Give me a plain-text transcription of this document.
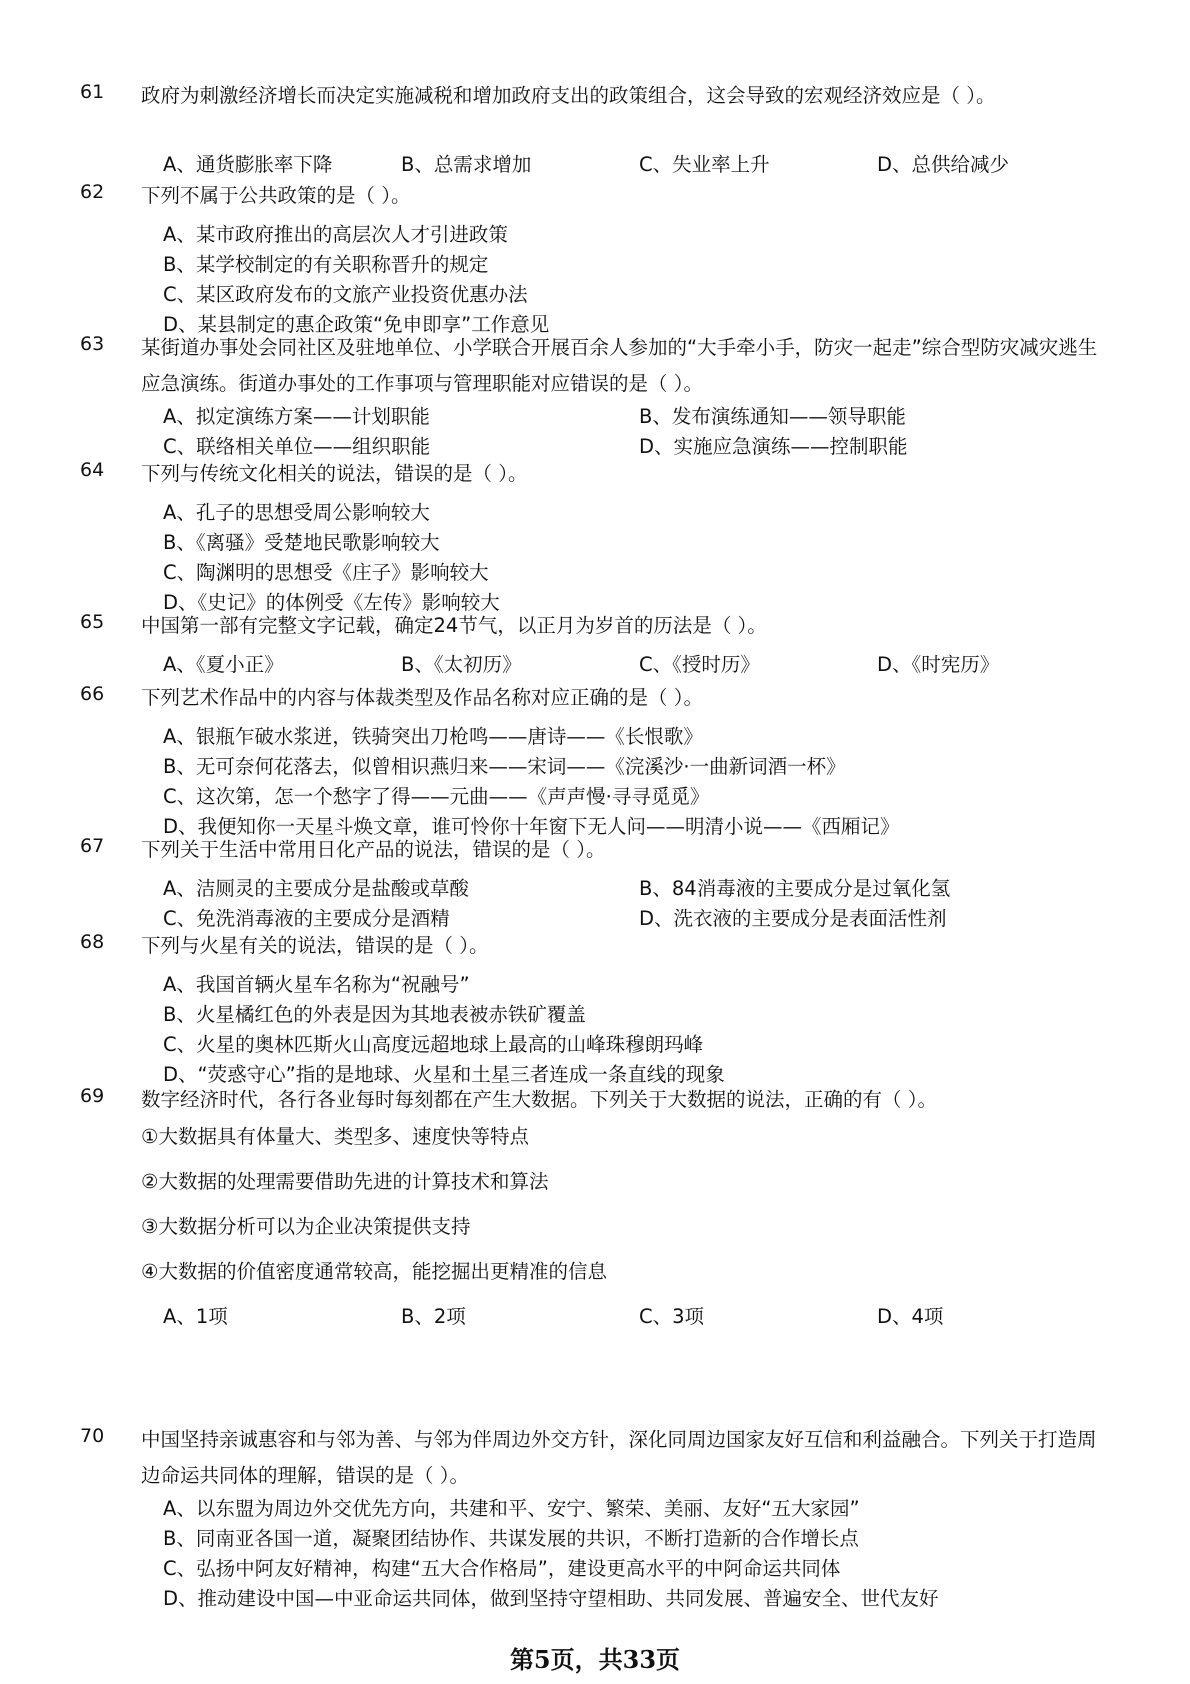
61 政府为刺激经济增长而决定实施减税和增加政府支出的政策组合，这会导致的宏观经济效应是（ ）。
A、通货膨胀率下降	B、总需求增加	C、失业率上升	D、总供给减少
62 下列不属于公共政策的是（ ）。
A、某市政府推出的高层次人才引进政策
B、某学校制定的有关职称晋升的规定
C、某区政府发布的文旅产业投资优惠办法
D、某县制定的惠企政策“免申即享”工作意见
63 某街道办事处会同社区及驻地单位、小学联合开展百余人参加的“大手牵小手，防灾一起走”综合型防灾减灾逃生应急演练。街道办事处的工作事项与管理职能对应错误的是（ ）。
A、拟定演练方案——计划职能	B、发布演练通知——领导职能
C、联络相关单位——组织职能	D、实施应急演练——控制职能
64 下列与传统文化相关的说法，错误的是（ ）。
A、孔子的思想受周公影响较大
B、《离骚》受楚地民歌影响较大
C、陶渊明的思想受《庄子》影响较大
D、《史记》的体例受《左传》影响较大
65 中国第一部有完整文字记载，确定24节气，以正月为岁首的历法是（ ）。
A、《夏小正》	B、《太初历》	C、《授时历》	D、《时宪历》
66 下列艺术作品中的内容与体裁类型及作品名称对应正确的是（ ）。
A、银瓶乍破水浆迸，铁骑突出刀枪鸣——唐诗——《长恨歌》
B、无可奈何花落去，似曾相识燕归来——宋词——《浣溪沙·一曲新词酒一杯》
C、这次第，怎一个愁字了得——元曲——《声声慢·寻寻觅觅》
D、我便知你一天星斗焕文章，谁可怜你十年窗下无人问——明清小说——《西厢记》
67 下列关于生活中常用日化产品的说法，错误的是（ ）。
A、洁厕灵的主要成分是盐酸或草酸	B、84消毒液的主要成分是过氧化氢
C、免洗消毒液的主要成分是酒精	D、洗衣液的主要成分是表面活性剂
68 下列与火星有关的说法，错误的是（ ）。
A、我国首辆火星车名称为“祝融号”
B、火星橘红色的外表是因为其地表被赤铁矿覆盖
C、火星的奥林匹斯火山高度远超地球上最高的山峰珠穆朗玛峰
D、“荧惑守心”指的是地球、火星和土星三者连成一条直线的现象
69 数字经济时代，各行各业每时每刻都在产生大数据。下列关于大数据的说法，正确的有（ ）。
①大数据具有体量大、类型多、速度快等特点
②大数据的处理需要借助先进的计算技术和算法
③大数据分析可以为企业决策提供支持
④大数据的价值密度通常较高，能挖掘出更精准的信息
A、1项	B、2项	C、3项	D、4项
70 中国坚持亲诚惠容和与邻为善、与邻为伴周边外交方针，深化同周边国家友好互信和利益融合。下列关于打造周边命运共同体的理解，错误的是（ ）。
A、以东盟为周边外交优先方向，共建和平、安宁、繁荣、美丽、友好“五大家园”
B、同南亚各国一道，凝聚团结协作、共谋发展的共识，不断打造新的合作增长点
C、弘扬中阿友好精神，构建“五大合作格局”，建设更高水平的中阿命运共同体
D、推动建设中国—中亚命运共同体，做到坚持守望相助、共同发展、普遍安全、世代友好
第5页，共33页
